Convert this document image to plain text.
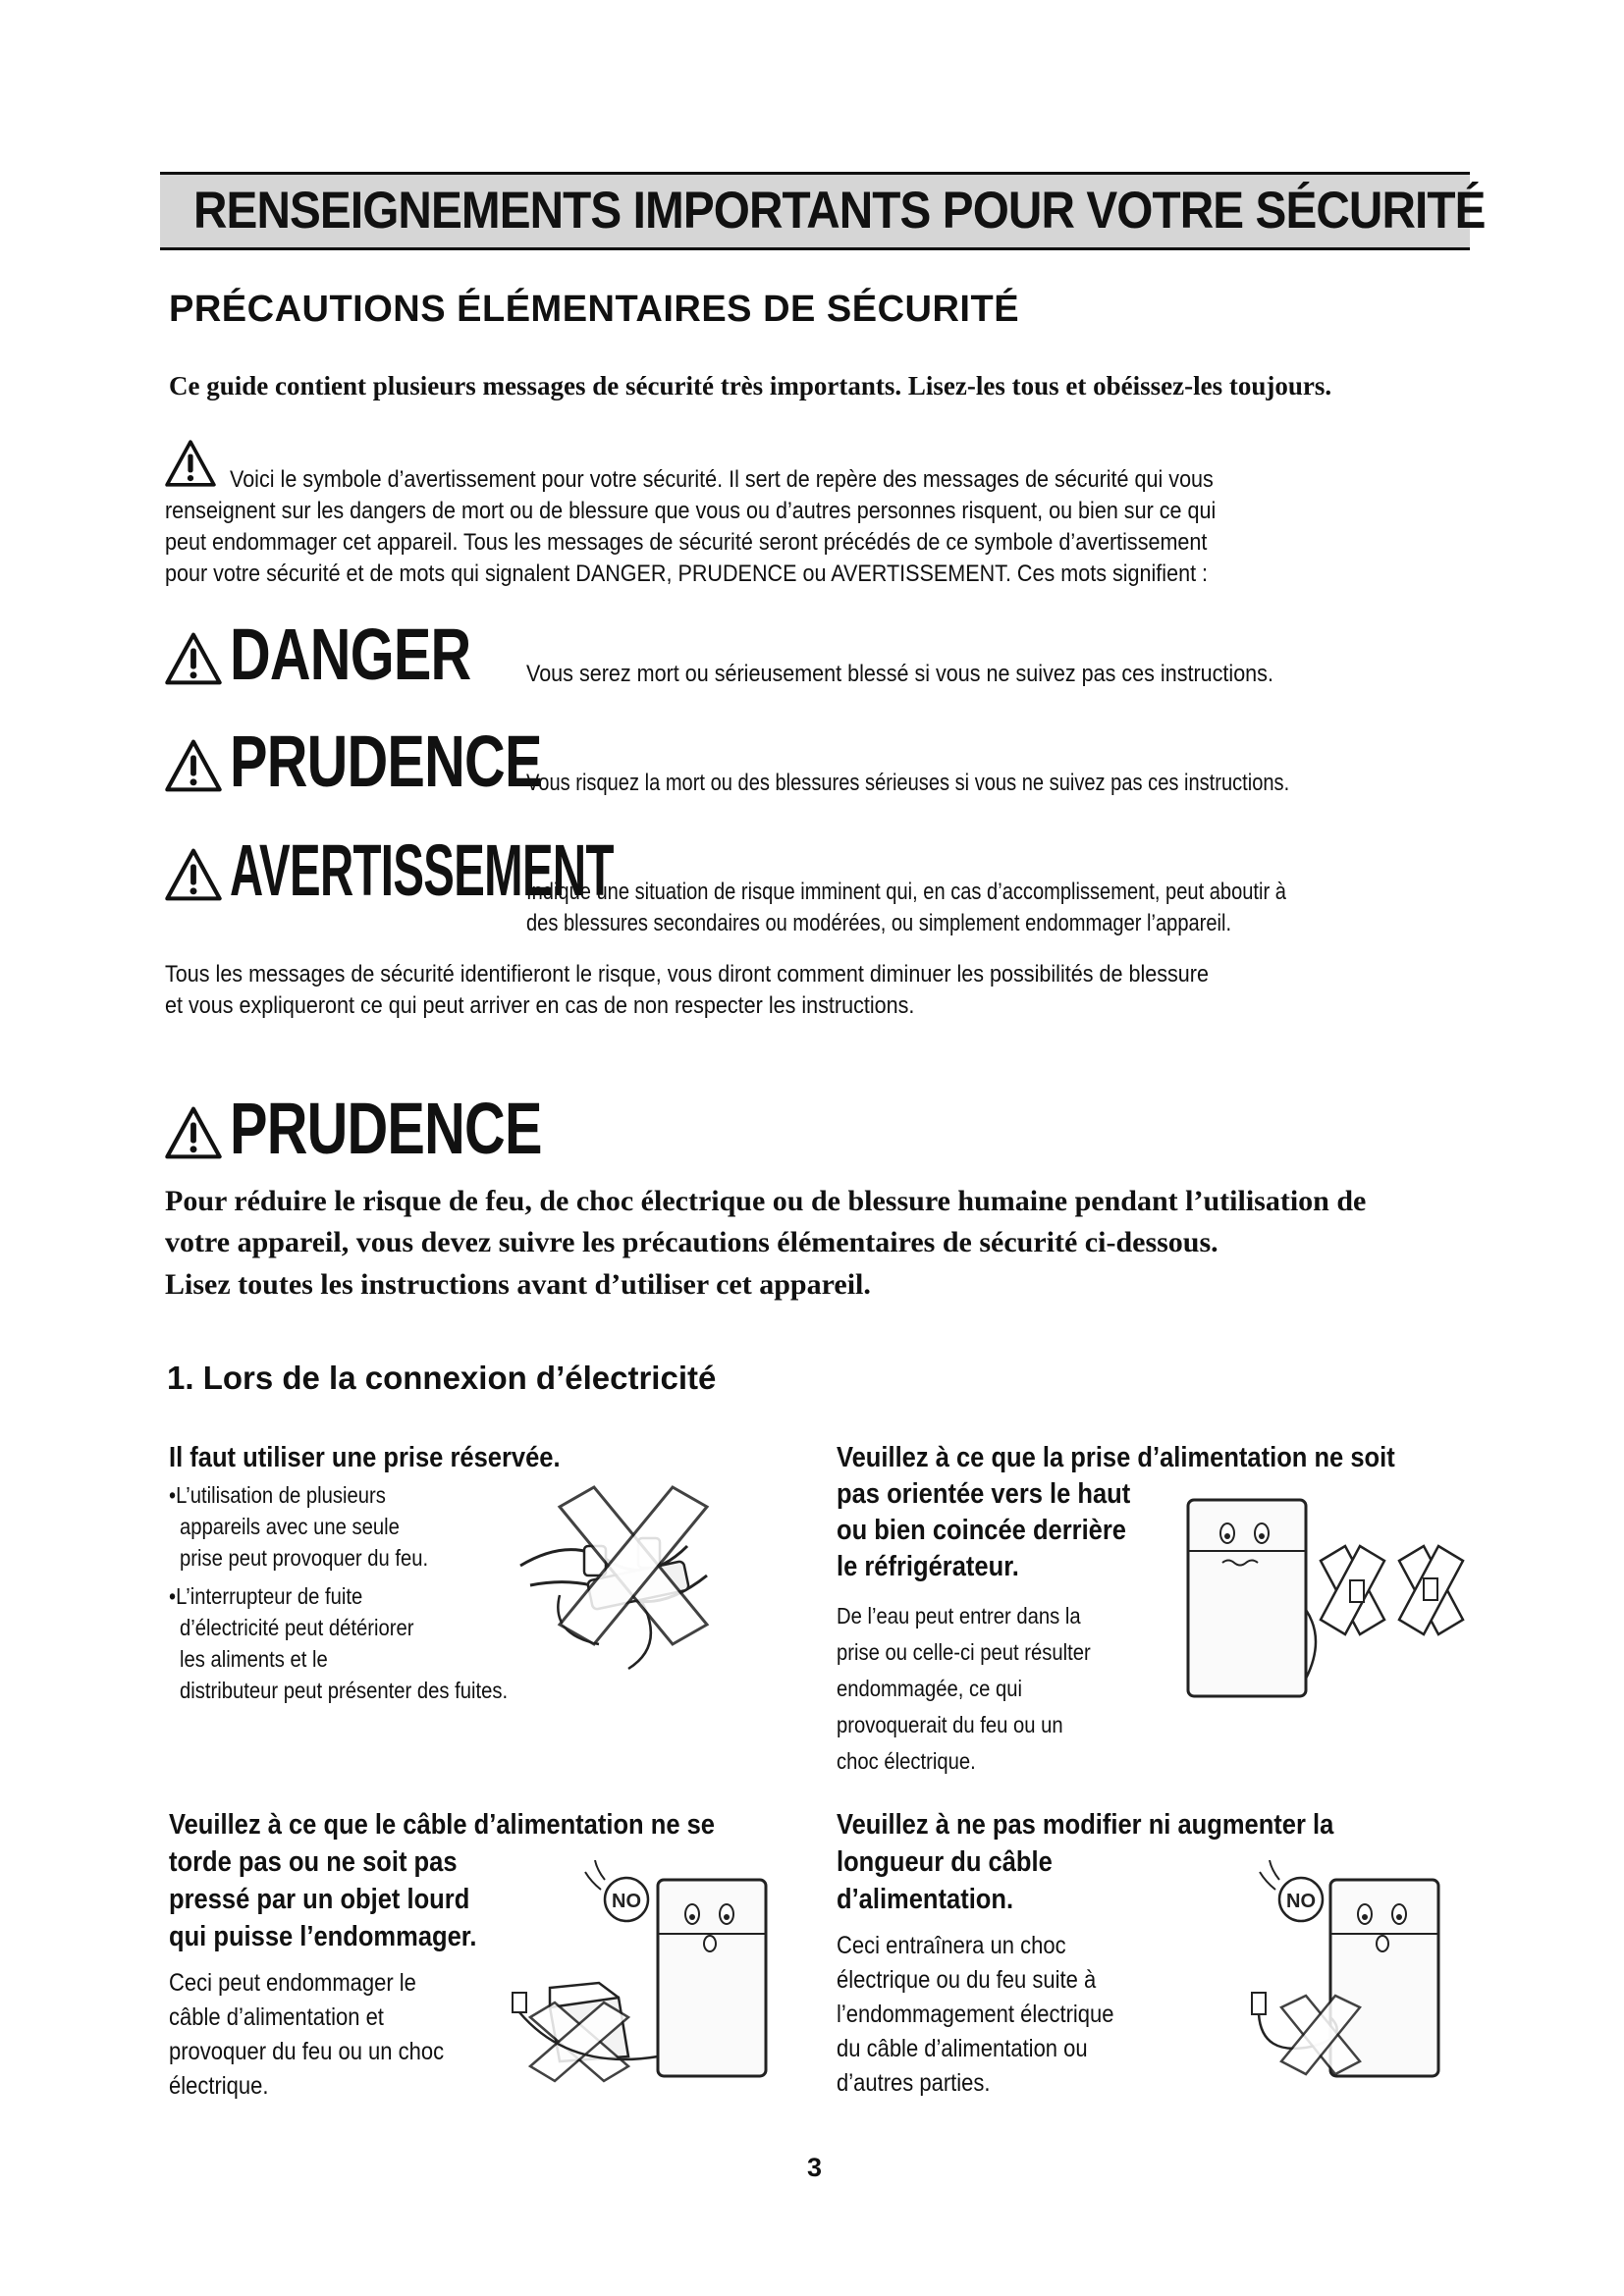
RENSEIGNEMENTS IMPORTANTS POUR VOTRE SÉCURITÉ
PRÉCAUTIONS ÉLÉMENTAIRES DE SÉCURITÉ
Ce guide contient plusieurs messages de sécurité très importants. Lisez-les tous et obéissez-les toujours.
Voici le symbole d’avertissement pour votre sécurité. Il sert de repère des messages de sécurité qui vous
renseignent sur les dangers de mort ou de blessure que vous ou d’autres personnes risquent, ou bien sur ce qui
peut endommager cet appareil. Tous les messages de sécurité seront précédés de ce symbole d’avertissement
pour votre sécurité et de mots qui signalent DANGER, PRUDENCE ou AVERTISSEMENT. Ces mots signifient :
DANGER Vous serez mort ou sérieusement blessé si vous ne suivez pas ces instructions.
PRUDENCE
Vous risquez la mort ou des blessures sérieuses si vous ne suivez pas ces instructions.
AVERTISSEMENT
Indique une situation de risque imminent qui, en cas d’accomplissement, peut aboutir à
des blessures secondaires ou modérées, ou simplement endommager l’appareil.
Tous les messages de sécurité identifieront le risque, vous diront comment diminuer les possibilités de blessure
et vous expliqueront ce qui peut arriver en cas de non respecter les instructions.
PRUDENCE
Pour réduire le risque de feu, de choc électrique ou de blessure humaine pendant l’utilisation de
votre appareil, vous devez suivre les précautions élémentaires de sécurité ci-dessous.
Lisez toutes les instructions avant d’utiliser cet appareil.
1. Lors de la connexion d’électricité
Il faut utiliser une prise réservée.
•L’utilisation de plusieurs
appareils avec une seule
prise peut provoquer du feu.
•L’interrupteur de fuite
d’électricité peut détériorer
les aliments et le
distributeur peut présenter des fuites.
Veuillez à ce que la prise d’alimentation ne soit
pas orientée vers le haut
ou bien coincée derrière
le réfrigérateur.
De l’eau peut entrer dans la
prise ou celle-ci peut résulter
endommagée, ce qui
provoquerait du feu ou un
choc électrique.
Veuillez à ce que le câble d’alimentation ne se
torde pas ou ne soit pas
pressé par un objet lourd
qui puisse l’endommager.
Ceci peut endommager le
câble d’alimentation et
provoquer du feu ou un choc
électrique.
NO
Veuillez à ne pas modifier ni augmenter la
longueur du câble
d’alimentation.
Ceci entraînera un choc
électrique ou du feu suite à
l’endommagement électrique
du câble d’alimentation ou
d’autres parties.
NO
3
